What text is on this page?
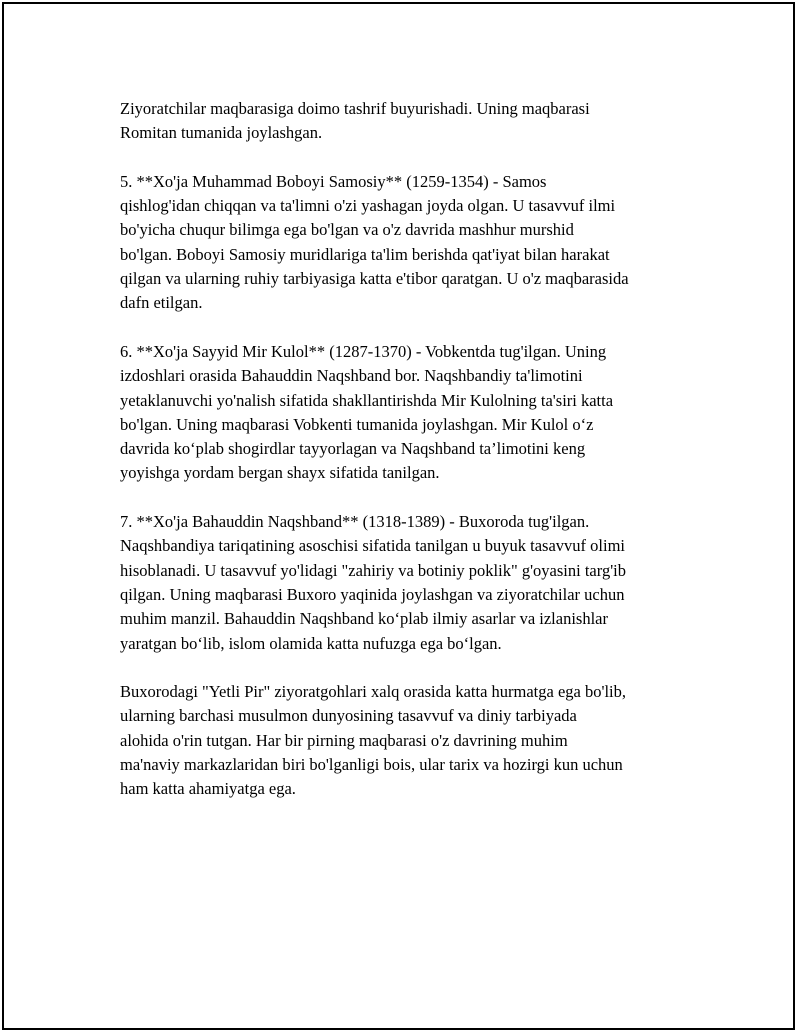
Ziyoratchilar maqbarasiga doimo tashrif buyurishadi. Uning maqbarasi
Romitan tumanida joylashgan.

5. **Xo'ja Muhammad Boboyi Samosiy** (1259-1354) - Samos
qishlog'idan chiqqan va ta'limni o'zi yashagan joyda olgan. U tasavvuf ilmi
bo'yicha chuqur bilimga ega bo'lgan va o'z davrida mashhur murshid
bo'lgan. Boboyi Samosiy muridlariga ta'lim berishda qat'iyat bilan harakat
qilgan va ularning ruhiy tarbiyasiga katta e'tibor qaratgan. U o'z maqbarasida
dafn etilgan.

6. **Xo'ja Sayyid Mir Kulol** (1287-1370) - Vobkentda tug'ilgan. Uning
izdoshlari orasida Bahauddin Naqshband bor. Naqshbandiy ta'limotini
yetaklanuvchi yo'nalish sifatida shakllantirishda Mir Kulolning ta'siri katta
bo'lgan. Uning maqbarasi Vobkenti tumanida joylashgan. Mir Kulol o‘z
davrida ko‘plab shogirdlar tayyorlagan va Naqshband ta’limotini keng
yoyishga yordam bergan shayx sifatida tanilgan.

7. **Xo'ja Bahauddin Naqshband** (1318-1389) - Buxoroda tug'ilgan.
Naqshbandiya tariqatining asoschisi sifatida tanilgan u buyuk tasavvuf olimi
hisoblanadi. U tasavvuf yo'lidagi "zahiriy va botiniy poklik" g'oyasini targ'ib
qilgan. Uning maqbarasi Buxoro yaqinida joylashgan va ziyoratchilar uchun
muhim manzil. Bahauddin Naqshband ko‘plab ilmiy asarlar va izlanishlar
yaratgan bo‘lib, islom olamida katta nufuzga ega bo‘lgan.

Buxorodagi "Yetli Pir" ziyoratgohlari xalq orasida katta hurmatga ega bo'lib,
ularning barchasi musulmon dunyosining tasavvuf va diniy tarbiyada
alohida o'rin tutgan. Har bir pirning maqbarasi o'z davrining muhim
ma'naviy markazlaridan biri bo'lganligi bois, ular tarix va hozirgi kun uchun
ham katta ahamiyatga ega.
